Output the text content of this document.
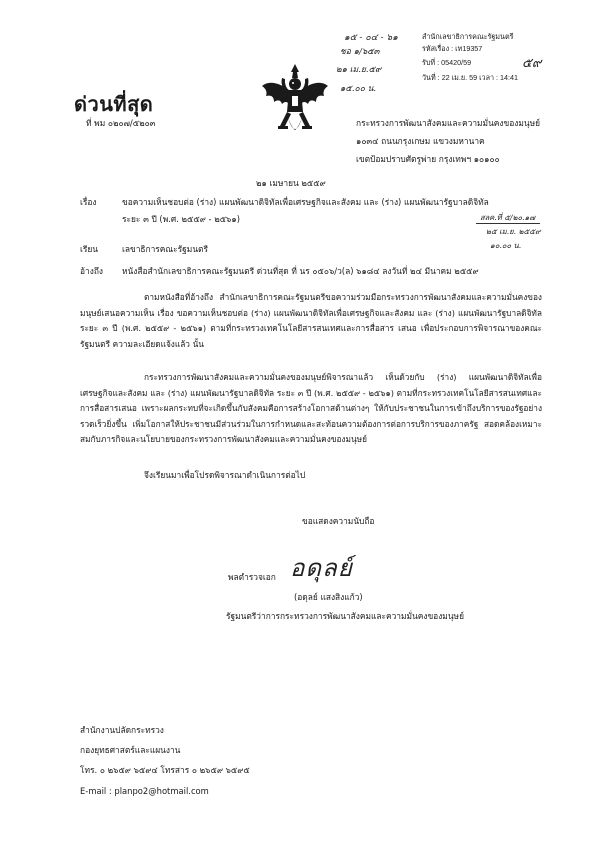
๑๕ - ๐๔ - ๖๑
ชอ ๑/๖๕๓
๒๑ เม.ย.๕๙
๑๕.๐๐ น.
สำนักเลขาธิการคณะรัฐมนตรี
รหัสเรื่อง : เท19357
รับที่ : 05420/59
วันที่ : 22 เม.ย. 59 เวลา : 14:41
๕๙
ด่วนที่สุด
ที่ พม ๐๒๐๗/๕๒๐๓	กระทรวงการพัฒนาสังคมและความมั่นคงของมนุษย์
๑๐๓๔ ถนนกรุงเกษม แขวงมหานาค
เขตป้อมปราบศัตรูพ่าย กรุงเทพฯ ๑๐๑๐๐
๒๑ เมษายน ๒๕๕๙
เรื่อง	ขอความเห็นชอบต่อ (ร่าง) แผนพัฒนาดิจิทัลเพื่อเศรษฐกิจและสังคม และ (ร่าง) แผนพัฒนารัฐบาลดิจิทัล
ระยะ ๓ ปี (พ.ศ. ๒๕๕๙ - ๒๕๖๑)	สลค.ที่ ๕/๒๐.๑๗
๒๕ เม.ย. ๒๕๕๙
๑๐.๐๐ น.
เรียน	เลขาธิการคณะรัฐมนตรี
อ้างถึง หนังสือสำนักเลขาธิการคณะรัฐมนตรี ด่วนที่สุด ที่ นร ๐๕๐๖/ว(ล) ๖๑๘๔ ลงวันที่ ๒๔ มีนาคม ๒๕๕๙
ตามหนังสือที่อ้างถึง สำนักเลขาธิการคณะรัฐมนตรีขอความร่วมมือกระทรวงการพัฒนาสังคมและความมั่นคงของมนุษย์เสนอความเห็น เรื่อง ขอความเห็นชอบต่อ (ร่าง) แผนพัฒนาดิจิทัลเพื่อเศรษฐกิจและสังคม และ (ร่าง) แผนพัฒนารัฐบาลดิจิทัล ระยะ ๓ ปี (พ.ศ. ๒๕๕๙ - ๒๕๖๑) ตามที่กระทรวงเทคโนโลยีสารสนเทศและการสื่อสาร เสนอ เพื่อประกอบการพิจารณาของคณะรัฐมนตรี ความละเอียดแจ้งแล้ว นั้น
กระทรวงการพัฒนาสังคมและความมั่นคงของมนุษย์พิจารณาแล้ว เห็นด้วยกับ (ร่าง) แผนพัฒนาดิจิทัลเพื่อเศรษฐกิจและสังคม และ (ร่าง) แผนพัฒนารัฐบาลดิจิทัล ระยะ ๓ ปี (พ.ศ. ๒๕๕๙ - ๒๕๖๑) ตามที่กระทรวงเทคโนโลยีสารสนเทศและการสื่อสารเสนอ เพราะผลกระทบที่จะเกิดขึ้นกับสังคมคือการสร้างโอกาสด้านต่างๆ ให้กับประชาชนในการเข้าถึงบริการของรัฐอย่างรวดเร็วยิ่งขึ้น เพิ่มโอกาสให้ประชาชนมีส่วนร่วมในการกำหนดและสะท้อนความต้องการต่อการบริการของภาครัฐ สอดคล้องเหมาะสมกับภารกิจและนโยบายของกระทรวงการพัฒนาสังคมและความมั่นคงของมนุษย์
จึงเรียนมาเพื่อโปรดพิจารณาดำเนินการต่อไป
ขอแสดงความนับถือ
พลตำรวจเอก อดุลย์
(อดุลย์ แสงสิงแก้ว)
รัฐมนตรีว่าการกระทรวงการพัฒนาสังคมและความมั่นคงของมนุษย์
สำนักงานปลัดกระทรวง
กองยุทธศาสตร์และแผนงาน
โทร. ๐ ๒๖๕๙ ๖๕๙๔ โทรสาร ๐ ๒๖๕๙ ๖๕๙๕
E-mail : planpo2@hotmail.com
